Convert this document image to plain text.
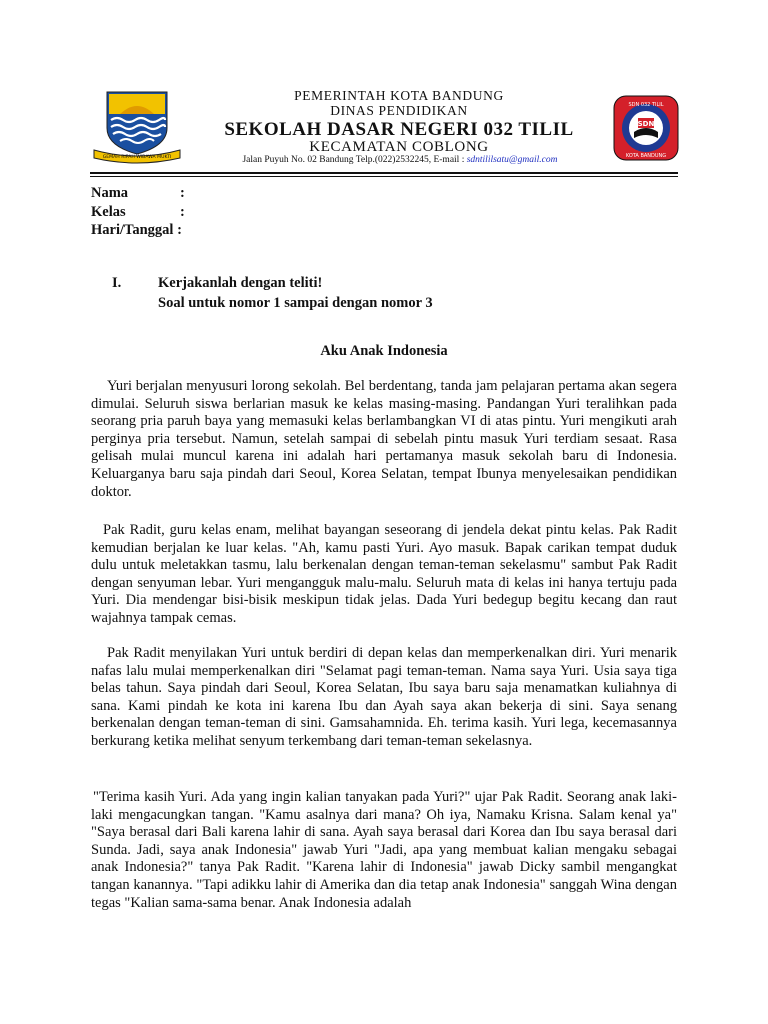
GEMAH RIPAH WIBAWA MUKTI
PEMERINTAH KOTA BANDUNG
DINAS PENDIDIKAN
SEKOLAH DASAR NEGERI 032 TILIL
KECAMATAN COBLONG
Jalan Puyuh No. 02 Bandung Telp.(022)2532245, E-mail : sdntililsatu@gmail.com
SDN
SDN 032 TILIL
KOTA BANDUNG
Nama	:
Kelas	:
Hari/Tanggal :
I.	Kerjakanlah dengan teliti!
Soal untuk nomor 1 sampai dengan nomor 3
Aku Anak Indonesia
Yuri berjalan menyusuri lorong sekolah. Bel berdentang, tanda jam pelajaran pertama akan segera dimulai. Seluruh siswa berlarian masuk ke kelas masing-masing. Pandangan Yuri teralihkan pada seorang pria paruh baya yang memasuki kelas berlambangkan VI di atas pintu. Yuri mengikuti arah perginya pria tersebut. Namun, setelah sampai di sebelah pintu masuk Yuri terdiam sesaat. Rasa gelisah mulai muncul karena ini adalah hari pertamanya masuk sekolah baru di Indonesia. Keluarganya baru saja pindah dari Seoul, Korea Selatan, tempat Ibunya menyelesaikan pendidikan doktor.
Pak Radit, guru kelas enam, melihat bayangan seseorang di jendela dekat pintu kelas. Pak Radit kemudian berjalan ke luar kelas. "Ah, kamu pasti Yuri. Ayo masuk. Bapak carikan tempat duduk dulu untuk meletakkan tasmu, lalu berkenalan dengan teman-teman sekelasmu" sambut Pak Radit dengan senyuman lebar. Yuri mengangguk malu-malu. Seluruh mata di kelas ini hanya tertuju pada Yuri. Dia mendengar bisi-bisik meskipun tidak jelas. Dada Yuri bedegup begitu kecang dan raut wajahnya tampak cemas.
Pak Radit menyilakan Yuri untuk berdiri di depan kelas dan memperkenalkan diri. Yuri menarik nafas lalu mulai memperkenalkan diri "Selamat pagi teman-teman. Nama saya Yuri. Usia saya tiga belas tahun. Saya pindah dari Seoul, Korea Selatan, Ibu saya baru saja menamatkan kuliahnya di sana. Kami pindah ke kota ini karena Ibu dan Ayah saya akan bekerja di sini. Saya senang berkenalan dengan teman-teman di sini. Gamsahamnida. Eh. terima kasih. Yuri lega, kecemasannya berkurang ketika melihat senyum terkembang dari teman-teman sekelasnya.
"Terima kasih Yuri. Ada yang ingin kalian tanyakan pada Yuri?" ujar Pak Radit. Seorang anak laki-laki mengacungkan tangan. "Kamu asalnya dari mana? Oh iya, Namaku Krisna. Salam kenal ya" "Saya berasal dari Bali karena lahir di sana. Ayah saya berasal dari Korea dan Ibu saya berasal dari Sunda. Jadi, saya anak Indonesia" jawab Yuri "Jadi, apa yang membuat kalian mengaku sebagai anak Indonesia?" tanya Pak Radit. "Karena lahir di Indonesia" jawab Dicky sambil mengangkat tangan kanannya. "Tapi adikku lahir di Amerika dan dia tetap anak Indonesia" sanggah Wina dengan tegas "Kalian sama-sama benar. Anak Indonesia adalah
